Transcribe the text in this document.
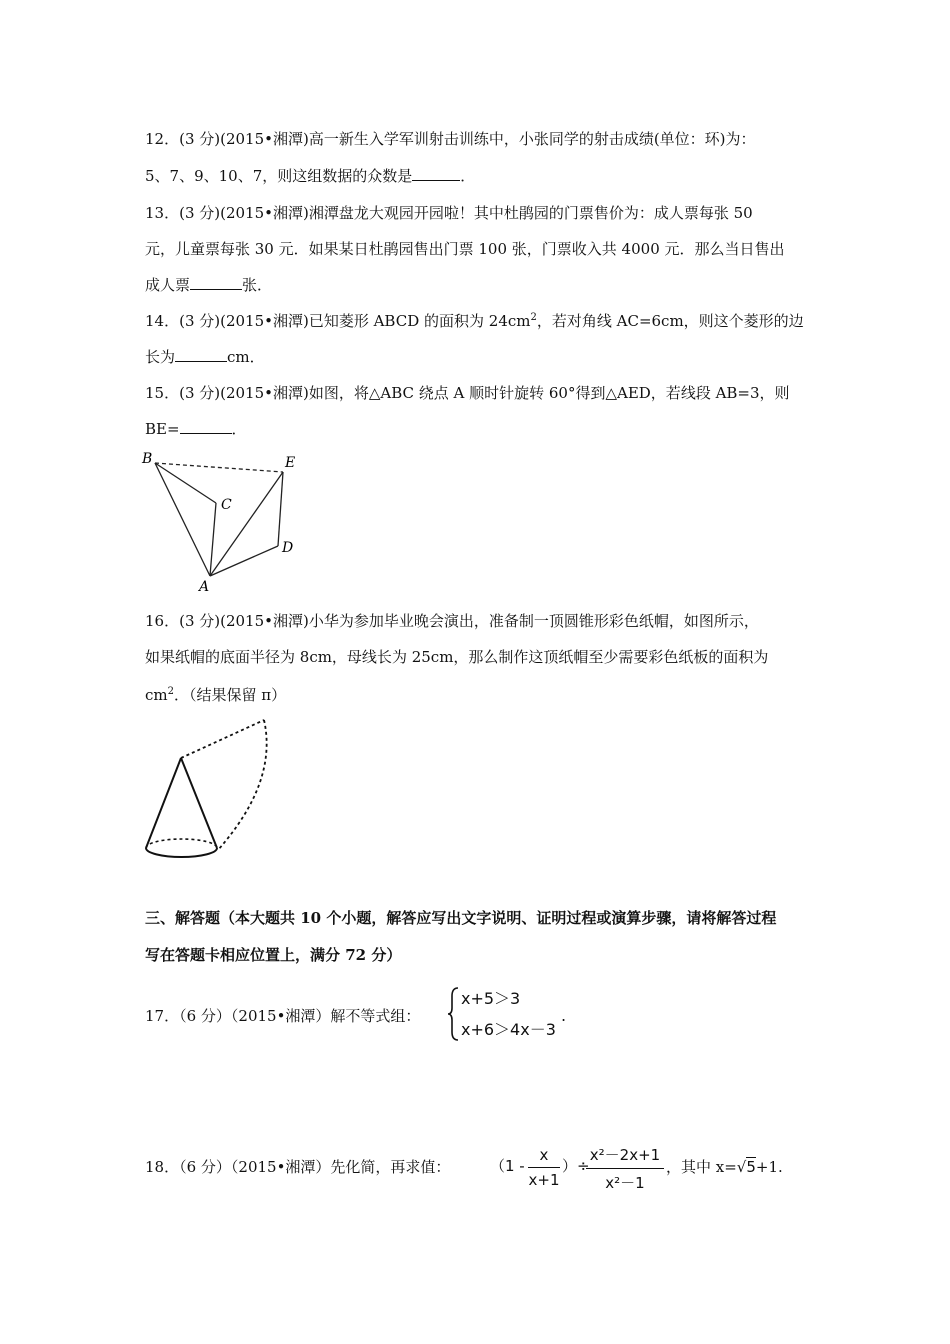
12．(3 分)(2015•湘潭)高一新生入学军训射击训练中，小张同学的射击成绩(单位：环)为：
5、7、9、10、7，则这组数据的众数是	．
13．(3 分)(2015•湘潭)湘潭盘龙大观园开园啦！其中杜鹃园的门票售价为：成人票每张 50
元，儿童票每张 30 元．如果某日杜鹃园售出门票 100 张，门票收入共 4000 元．那么当日售出
成人票	张．
14．(3 分)(2015•湘潭)已知菱形 ABCD 的面积为 $24cm^2$，若对角线 AC=6cm，则这个菱形的边
长为	cm．
15．(3 分)(2015•湘潭)如图，将△ABC 绕点 A 顺时针旋转 60°得到△AED，若线段 AB=3，则
BE=	．
B	E
C
D
A
16．(3 分)(2015•湘潭)小华为参加毕业晚会演出，准备制一顶圆锥形彩色纸帽，如图所示，
如果纸帽的底面半径为 8cm，母线长为 25cm，那么制作这顶纸帽至少需要彩色纸板的面积为
$cm^2$．（结果保留 π）
三、解答题（本大题共 10 个小题，解答应写出文字说明、证明过程或演算步骤，请将解答过程
写在答题卡相应位置上，满分 72 分）
17．（6 分）（2015•湘潭）解不等式组：
x+5＞3
x+6＞4x－3
.
18．（6 分）（2015•湘潭）先化简，再求值：	（1 -
x
x+1
）÷
x²－2x+1
x²－1
，其中 x=√5+1.
